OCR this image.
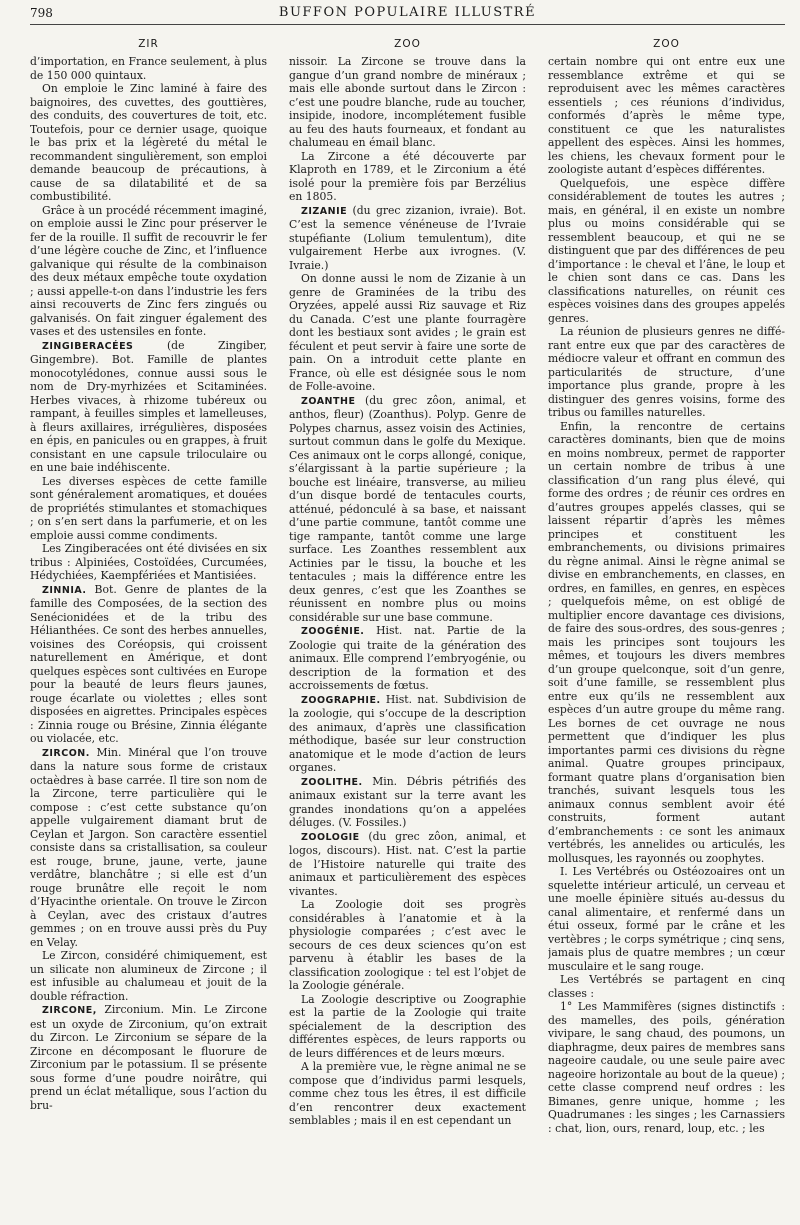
798	BUFFON POPULAIRE ILLUSTRÉ
ZIR

d’importation, en France seulement, à plus de 150 000 quintaux.

On emploie le Zinc laminé à faire des baignoires, des cuvettes, des gouttières, des conduits, des couvertures de toit, etc. Toutefois, pour ce dernier usage, quoique le bas prix et la légèreté du métal le recommandent singulièrement, son emploi demande beaucoup de précautions, à cause de sa dilatabilité et de sa combustibilité.

Grâce à un procédé récemment imaginé, on emploie aussi le Zinc pour préserver le fer de la rouille. Il suffit de recouvrir le fer d’une légère couche de Zinc, et l’influence galvanique qui résulte de la combinaison des deux métaux empêche toute oxydation ; aussi appelle-t-on dans l’industrie les fers ainsi recouverts de Zinc fers zingués ou galvanisés. On fait zinguer également des vases et des ustensiles en fonte.

ZINGIBERACÉES	(de Zingiber, Gingembre). Bot. Famille de plantes monocotylédones, connue aussi sous le nom de Dry-myrhizées et Scitaminées. Herbes vivaces, à rhizome tubéreux ou rampant, à feuilles simples et lamelleuses, à fleurs axillaires, irrégulières, disposées en épis, en panicules ou en grappes, à fruit consistant en une capsule triloculaire ou en une baie indéhiscente.

Les diverses espèces de cette famille sont généralement aromatiques, et douées de propriétés stimulantes et stomachiques ; on s’en sert dans la parfumerie, et on les emploie aussi comme condiments.

Les Zingiberacées ont été divisées en six tribus : Alpiniées, Costoïdées, Curcumées, Hédychiées, Kaempfériées et Mantisiées.

ZINNIA. Bot. Genre de plantes de la famille des Composées, de la section des Senécionidées et de la tribu des Hélianthées. Ce sont des herbes annuelles, voisines des Coréopsis, qui croissent naturellement en Amérique, et dont quelques espèces sont cultivées en Europe pour la beauté de leurs fleurs jaunes, rouge écarlate ou violettes ; elles sont disposées en aigrettes. Principales espèces : Zinnia rouge ou Brésine, Zinnia élégante ou violacée, etc.

ZIRCON. Min. Minéral que l’on trouve dans la nature sous forme de cristaux octaèdres à base carrée. Il tire son nom de la Zircone, terre particulière qui le compose : c’est cette substance qu’on appelle vulgairement diamant brut de Ceylan et Jargon. Son caractère essentiel consiste dans sa cristallisation, sa couleur est rouge, brune, jaune, verte, jaune verdâtre, blanchâtre ; si elle est d’un rouge brunâtre elle reçoit le nom d’Hyacinthe orientale. On trouve le Zircon à Ceylan, avec des cristaux d’autres gemmes ; on en trouve aussi près du Puy en Velay.

Le Zircon, considéré chimiquement, est un silicate non alumineux de Zircone ; il est infusible au chalumeau et jouit de la double réfraction.

ZIRCONE, Zirconium. Min. Le Zircone est un oxyde de Zirconium, qu’on extrait du Zircon. Le Zirconium se sépare de la Zircone en décomposant le fluorure de Zirconium par le potassium. Il se présente sous forme d’une poudre noirâtre, qui prend un éclat métallique, sous l’action du bru-

ZOO

nissoir. La Zircone se trouve dans la gangue d’un grand nombre de minéraux ; mais elle abonde surtout dans le Zircon : c’est une poudre blanche, rude au toucher, insipide, inodore, incomplétement fusible au feu des hauts fourneaux, et fondant au chalumeau en émail blanc.

La Zircone a été découverte par Klaproth en 1789, et le Zirconium a été isolé pour la première fois par Berzélius en 1805.

ZIZANIE (du grec zizanion, ivraie). Bot. C’est la semence vénéneuse de l’Ivraie stupéfiante (Lolium temulentum), dite vulgairement Herbe aux ivrognes. (V. Ivraie.)

On donne aussi le nom de Zizanie à un genre de Graminées de la tribu des Oryzées, appelé aussi Riz sauvage et Riz du Canada. C’est une plante fourragère dont les bestiaux sont avides ; le grain est féculent et peut servir à faire une sorte de pain. On a introduit cette plante en France, où elle est désignée sous le nom de Folle-avoine.

ZOANTHE (du grec zôon, animal, et anthos, fleur) (Zoanthus). Polyp. Genre de Polypes charnus, assez voisin des Actinies, surtout commun dans le golfe du Mexique. Ces animaux ont le corps allongé, conique, s’élargissant à la partie supérieure ; la bouche est linéaire, transverse, au milieu d’un disque bordé de tentacules courts, atténué, pédonculé à sa base, et naissant d’une partie commune, tantôt comme une tige rampante, tantôt comme une large surface. Les Zoanthes ressemblent aux Actinies par le tissu, la bouche et les tentacules ; mais la différence entre les deux genres, c’est que les Zoanthes se réunissent en nombre plus ou moins considérable sur une base commune.

ZOOGÉNIE. Hist. nat. Partie de la Zoologie qui traite de la génération des animaux. Elle comprend l’embryogénie, ou description de la formation et des accroissements de fœtus.

ZOOGRAPHIE. Hist. nat. Subdivision de la zoologie, qui s’occupe de la description des animaux, d’après une classification méthodique, basée sur leur construction anatomique et le mode d’action de leurs organes.

ZOOLITHE. Min. Débris pétrifiés des animaux existant sur la terre avant les grandes inondations qu’on a appelées déluges. (V. Fossiles.)

ZOOLOGIE (du grec zôon, animal, et logos, discours). Hist. nat. C’est la partie de l’Histoire naturelle qui traite des animaux et particulièrement des espèces vivantes.

La Zoologie doit ses progrès considérables à l’anatomie et à la physiologie comparées ; c’est avec le secours de ces deux sciences qu’on est parvenu à établir les bases de la classification zoologique : tel est l’objet de la Zoologie générale.

La Zoologie descriptive ou Zoographie est la partie de la Zoologie qui traite spécialement de la description des différentes espèces, de leurs rapports ou de leurs différences et de leurs mœurs.

A la première vue, le règne animal ne se compose que d’individus parmi lesquels, comme chez tous les êtres, il est difficile d’en rencontrer deux exactement semblables ; mais il en est cependant un

ZOO

certain nombre qui ont entre eux une ressemblance extrême et qui se reproduisent avec les mêmes caractères essentiels ; ces réunions d’individus, conformés d’après le même type, constituent ce que les naturalistes appellent des espèces. Ainsi les hommes, les chiens, les chevaux forment pour le zoologiste autant d’espèces différentes.

Quelquefois, une espèce diffère considérablement de toutes les autres ; mais, en général, il en existe un nombre plus ou moins considérable qui se ressemblent beaucoup, et qui ne se distinguent que par des différences de peu d’importance : le cheval et l’âne, le loup et le chien sont dans ce cas. Dans les classifications naturelles, on réunit ces espèces voisines dans des groupes appelés genres.

La réunion de plusieurs genres ne diffé-rant entre eux que par des caractères de médiocre valeur et offrant en commun des particularités de structure, d’une importance plus grande, propre à les distinguer des genres voisins, forme des tribus ou familles naturelles.

Enfin, la rencontre de certains caractères dominants, bien que de moins en moins nombreux, permet de rapporter un certain nombre de tribus à une classification d’un rang plus élevé, qui forme des ordres ; de réunir ces ordres en d’autres groupes appelés classes, qui se laissent répartir d’après les mêmes principes et constituent les embranchements, ou divisions primaires du règne animal. Ainsi le règne animal se divise en embranchements, en classes, en ordres, en familles, en genres, en espèces ; quelquefois même, on est obligé de multiplier encore davantage ces divisions, de faire des sous-ordres, des sous-genres ; mais les principes sont toujours les mêmes, et toujours les divers membres d’un groupe quelconque, soit d’un genre, soit d’une famille, se ressemblent plus entre eux qu’ils ne ressemblent aux espèces d’un autre groupe du même rang. Les bornes de cet ouvrage ne nous permettent que d’indiquer les plus importantes parmi ces divisions du règne animal. Quatre groupes principaux, formant quatre plans d’organisation bien tranchés, suivant lesquels tous les animaux connus semblent avoir été construits, forment autant d’embranchements : ce sont les animaux vertébrés, les annelides ou articulés, les mollusques, les rayonnés ou zoophytes.

I. Les Vertébrés ou Ostéozoaires ont un squelette intérieur articulé, un cerveau et une moelle épinière situés au-dessus du canal alimentaire, et renfermé dans un étui osseux, formé par le crâne et les vertèbres ; le corps symétrique ; cinq sens, jamais plus de quatre membres ; un cœur musculaire et le sang rouge.

Les Vertébrés se partagent en cinq classes :

1° Les Mammifères (signes distinctifs : des mamelles, des poils, génération vivipare, le sang chaud, des poumons, un diaphragme, deux paires de membres sans nageoire caudale, ou une seule paire avec nageoire horizontale au bout de la queue) ; cette classe comprend neuf ordres : les Bimanes, genre unique, homme ; les Quadrumanes : les singes ; les Carnassiers : chat, lion, ours, renard, loup, etc. ; les
